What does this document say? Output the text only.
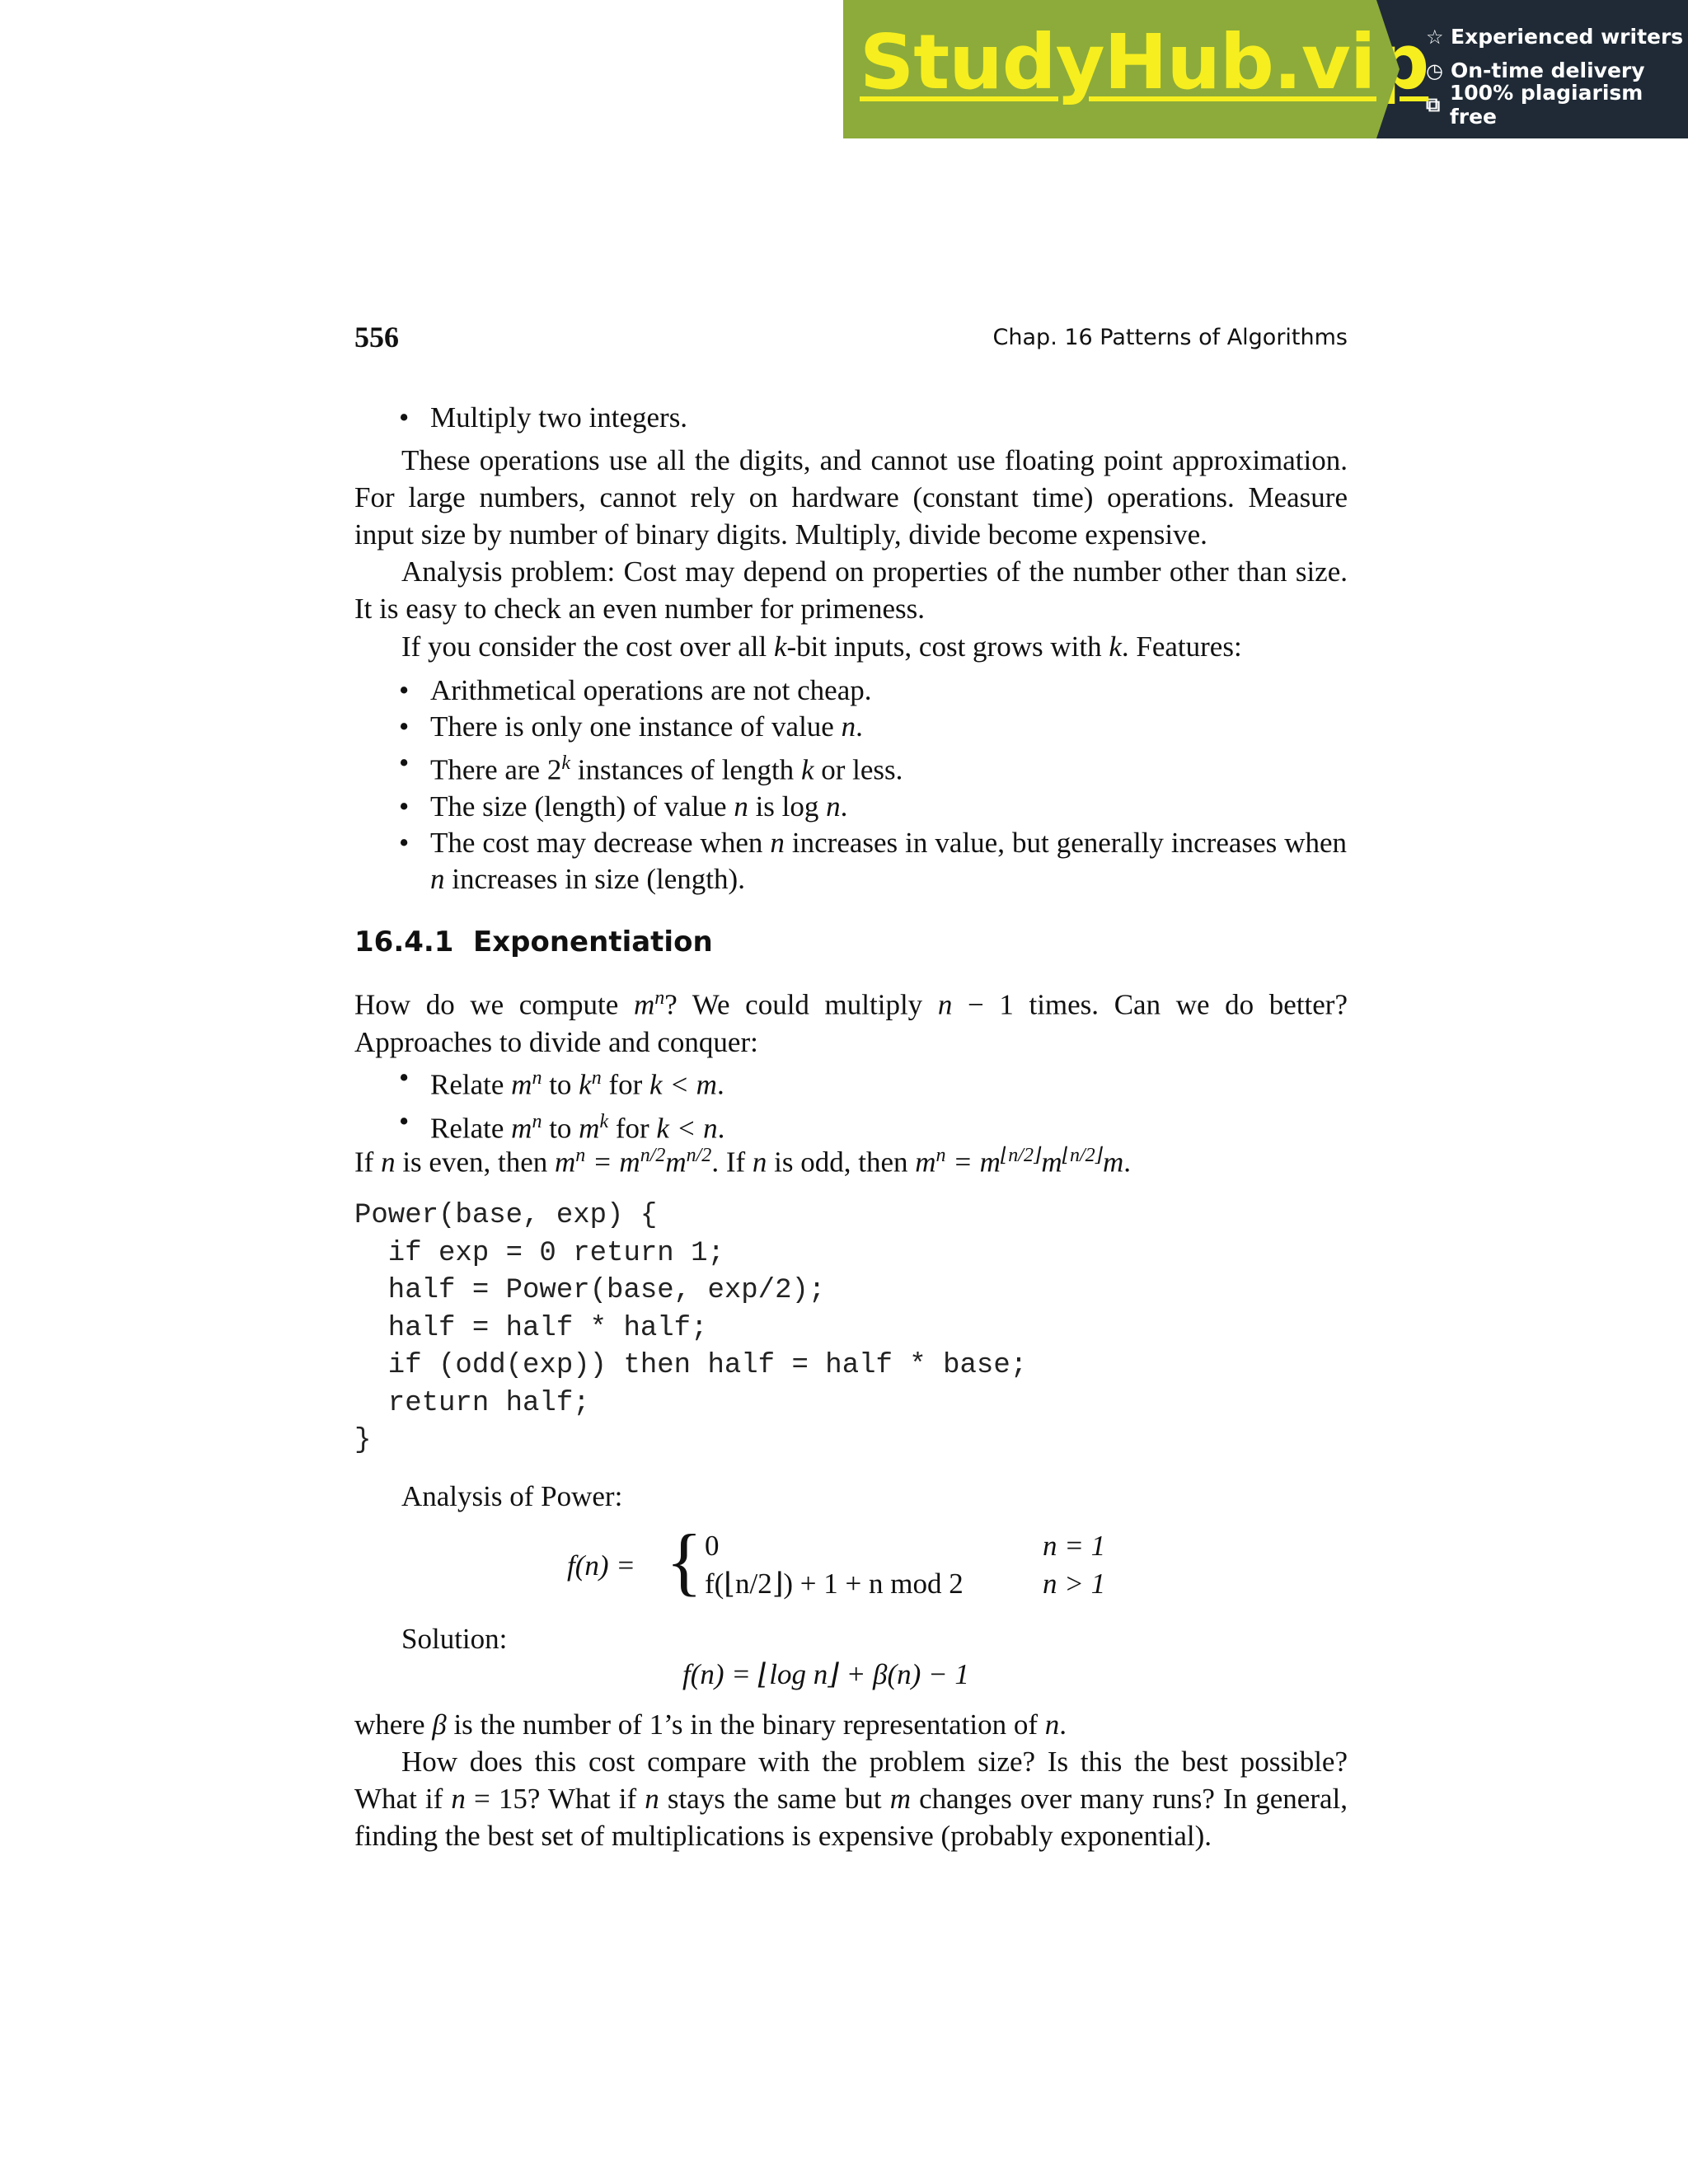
StudyHub.vip
☆ Experienced writers
◷ On-time delivery
⧉ 100% plagiarism free
556	Chap. 16 Patterns of Algorithms
• Multiply two integers.
These operations use all the digits, and cannot use floating point approximation. For large numbers, cannot rely on hardware (constant time) operations. Measure input size by number of binary digits. Multiply, divide become expensive.
Analysis problem: Cost may depend on properties of the number other than size. It is easy to check an even number for primeness.
If you consider the cost over all k-bit inputs, cost grows with k. Features:
• Arithmetical operations are not cheap.
• There is only one instance of value n.
• There are 2$^k$ instances of length k or less.
• The size (length) of value n is log n.
• The cost may decrease when n increases in value, but generally increases when n increases in size (length).
16.4.1 Exponentiation
How do we compute $m^n$? We could multiply n − 1 times. Can we do better? Approaches to divide and conquer:
• Relate $m^n$ to $k^n$ for k < m.
• Relate $m^n$ to $m^k$ for k < n.
If n is even, then $m^n = m^{n/2}m^{n/2}$. If n is odd, then $m^n = m^{⌊n/2⌋}m^{⌊n/2⌋}m$.
Power(base, exp) {
if exp = 0 return 1;
half = Power(base, exp/2);
half = half * half;
if (odd(exp)) then half = half * base;
return half;
}
Analysis of Power:
f(n) = { 0	n = 1
f(⌊n/2⌋) + 1 + n mod 2	n > 1
Solution:
f(n) = ⌊log n⌋ + β(n) − 1
where β is the number of 1’s in the binary representation of n.
How does this cost compare with the problem size? Is this the best possible? What if n = 15? What if n stays the same but m changes over many runs? In general, finding the best set of multiplications is expensive (probably exponential).
